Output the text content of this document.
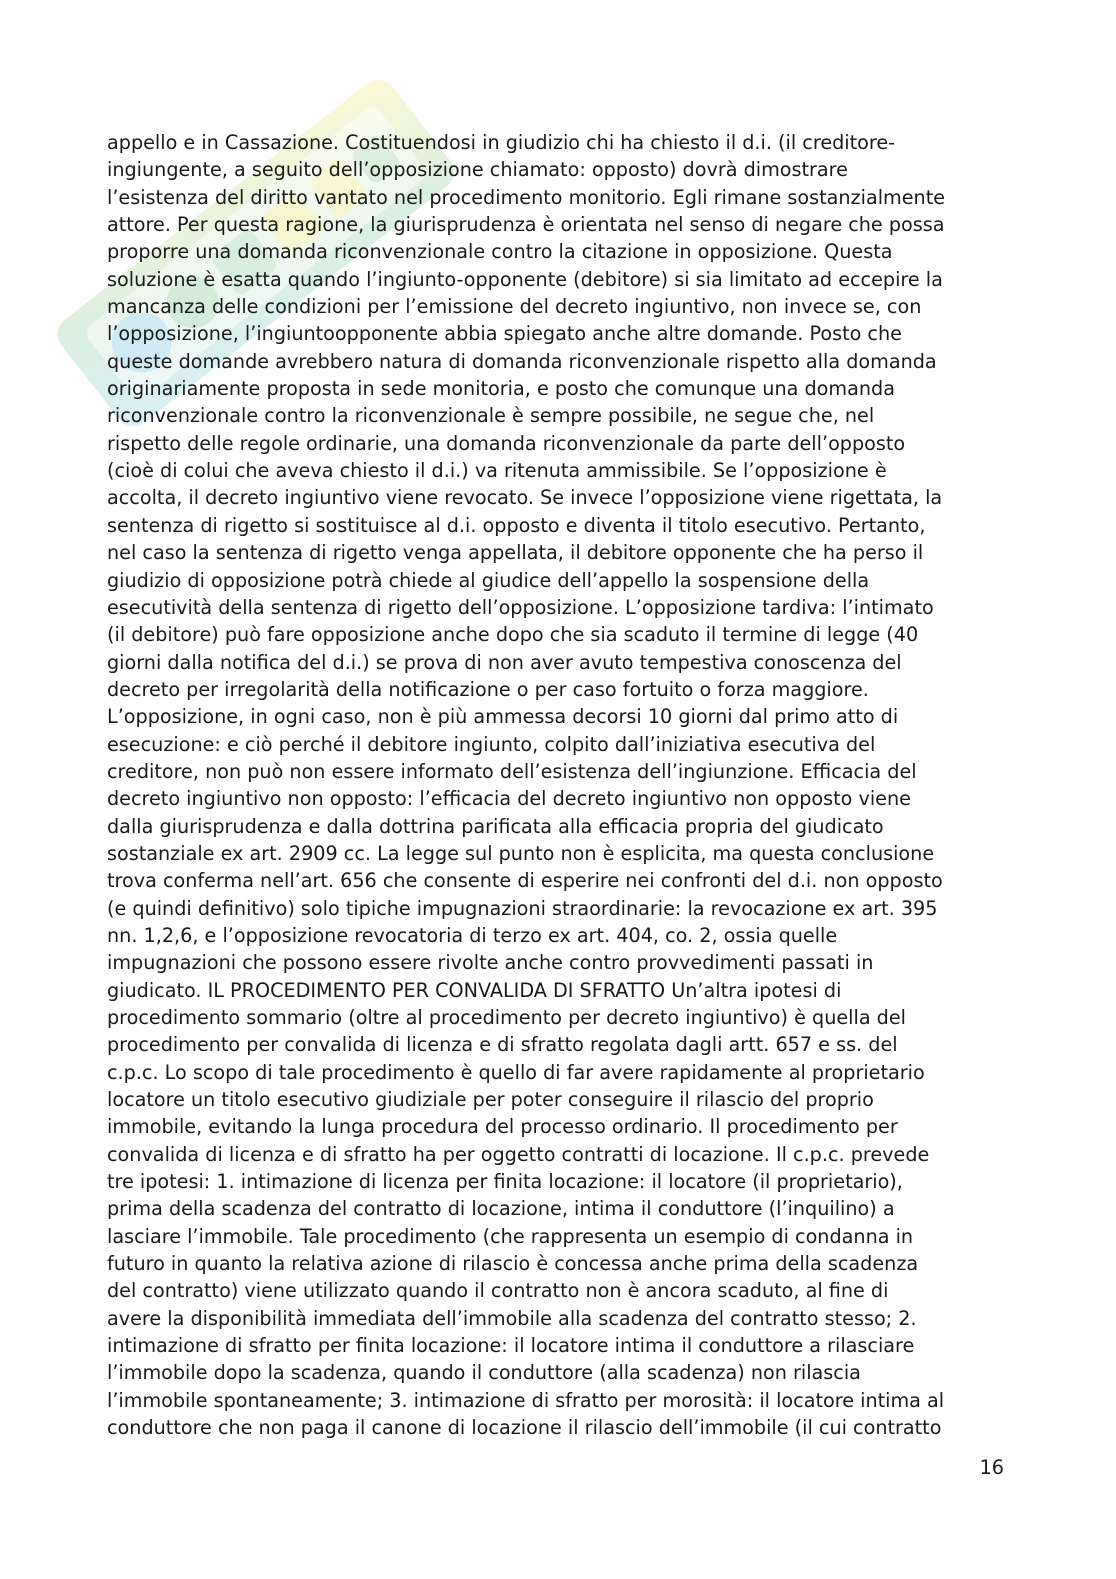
appello e in Cassazione. Costituendosi in giudizio chi ha chiesto il d.i. (il creditore-
ingiungente, a seguito dell’opposizione chiamato: opposto) dovrà dimostrare
l’esistenza del diritto vantato nel procedimento monitorio. Egli rimane sostanzialmente
attore. Per questa ragione, la giurisprudenza è orientata nel senso di negare che possa
proporre una domanda riconvenzionale contro la citazione in opposizione. Questa
soluzione è esatta quando l’ingiunto-opponente (debitore) si sia limitato ad eccepire la
mancanza delle condizioni per l’emissione del decreto ingiuntivo, non invece se, con
l’opposizione, l’ingiuntoopponente abbia spiegato anche altre domande. Posto che
queste domande avrebbero natura di domanda riconvenzionale rispetto alla domanda
originariamente proposta in sede monitoria, e posto che comunque una domanda
riconvenzionale contro la riconvenzionale è sempre possibile, ne segue che, nel
rispetto delle regole ordinarie, una domanda riconvenzionale da parte dell’opposto
(cioè di colui che aveva chiesto il d.i.) va ritenuta ammissibile. Se l’opposizione è
accolta, il decreto ingiuntivo viene revocato. Se invece l’opposizione viene rigettata, la
sentenza di rigetto si sostituisce al d.i. opposto e diventa il titolo esecutivo. Pertanto,
nel caso la sentenza di rigetto venga appellata, il debitore opponente che ha perso il
giudizio di opposizione potrà chiede al giudice dell’appello la sospensione della
esecutività della sentenza di rigetto dell’opposizione. L’opposizione tardiva: l’intimato
(il debitore) può fare opposizione anche dopo che sia scaduto il termine di legge (40
giorni dalla notifica del d.i.) se prova di non aver avuto tempestiva conoscenza del
decreto per irregolarità della notificazione o per caso fortuito o forza maggiore.
L’opposizione, in ogni caso, non è più ammessa decorsi 10 giorni dal primo atto di
esecuzione: e ciò perché il debitore ingiunto, colpito dall’iniziativa esecutiva del
creditore, non può non essere informato dell’esistenza dell’ingiunzione. Efficacia del
decreto ingiuntivo non opposto: l’efficacia del decreto ingiuntivo non opposto viene
dalla giurisprudenza e dalla dottrina parificata alla efficacia propria del giudicato
sostanziale ex art. 2909 cc. La legge sul punto non è esplicita, ma questa conclusione
trova conferma nell’art. 656 che consente di esperire nei confronti del d.i. non opposto
(e quindi definitivo) solo tipiche impugnazioni straordinarie: la revocazione ex art. 395
nn. 1,2,6, e l’opposizione revocatoria di terzo ex art. 404, co. 2, ossia quelle
impugnazioni che possono essere rivolte anche contro provvedimenti passati in
giudicato. IL PROCEDIMENTO PER CONVALIDA DI SFRATTO Un’altra ipotesi di
procedimento sommario (oltre al procedimento per decreto ingiuntivo) è quella del
procedimento per convalida di licenza e di sfratto regolata dagli artt. 657 e ss. del
c.p.c. Lo scopo di tale procedimento è quello di far avere rapidamente al proprietario
locatore un titolo esecutivo giudiziale per poter conseguire il rilascio del proprio
immobile, evitando la lunga procedura del processo ordinario. Il procedimento per
convalida di licenza e di sfratto ha per oggetto contratti di locazione. Il c.p.c. prevede
tre ipotesi: 1. intimazione di licenza per finita locazione: il locatore (il proprietario),
prima della scadenza del contratto di locazione, intima il conduttore (l’inquilino) a
lasciare l’immobile. Tale procedimento (che rappresenta un esempio di condanna in
futuro in quanto la relativa azione di rilascio è concessa anche prima della scadenza
del contratto) viene utilizzato quando il contratto non è ancora scaduto, al fine di
avere la disponibilità immediata dell’immobile alla scadenza del contratto stesso; 2.
intimazione di sfratto per finita locazione: il locatore intima il conduttore a rilasciare
l’immobile dopo la scadenza, quando il conduttore (alla scadenza) non rilascia
l’immobile spontaneamente; 3. intimazione di sfratto per morosità: il locatore intima al
conduttore che non paga il canone di locazione il rilascio dell’immobile (il cui contratto
16
